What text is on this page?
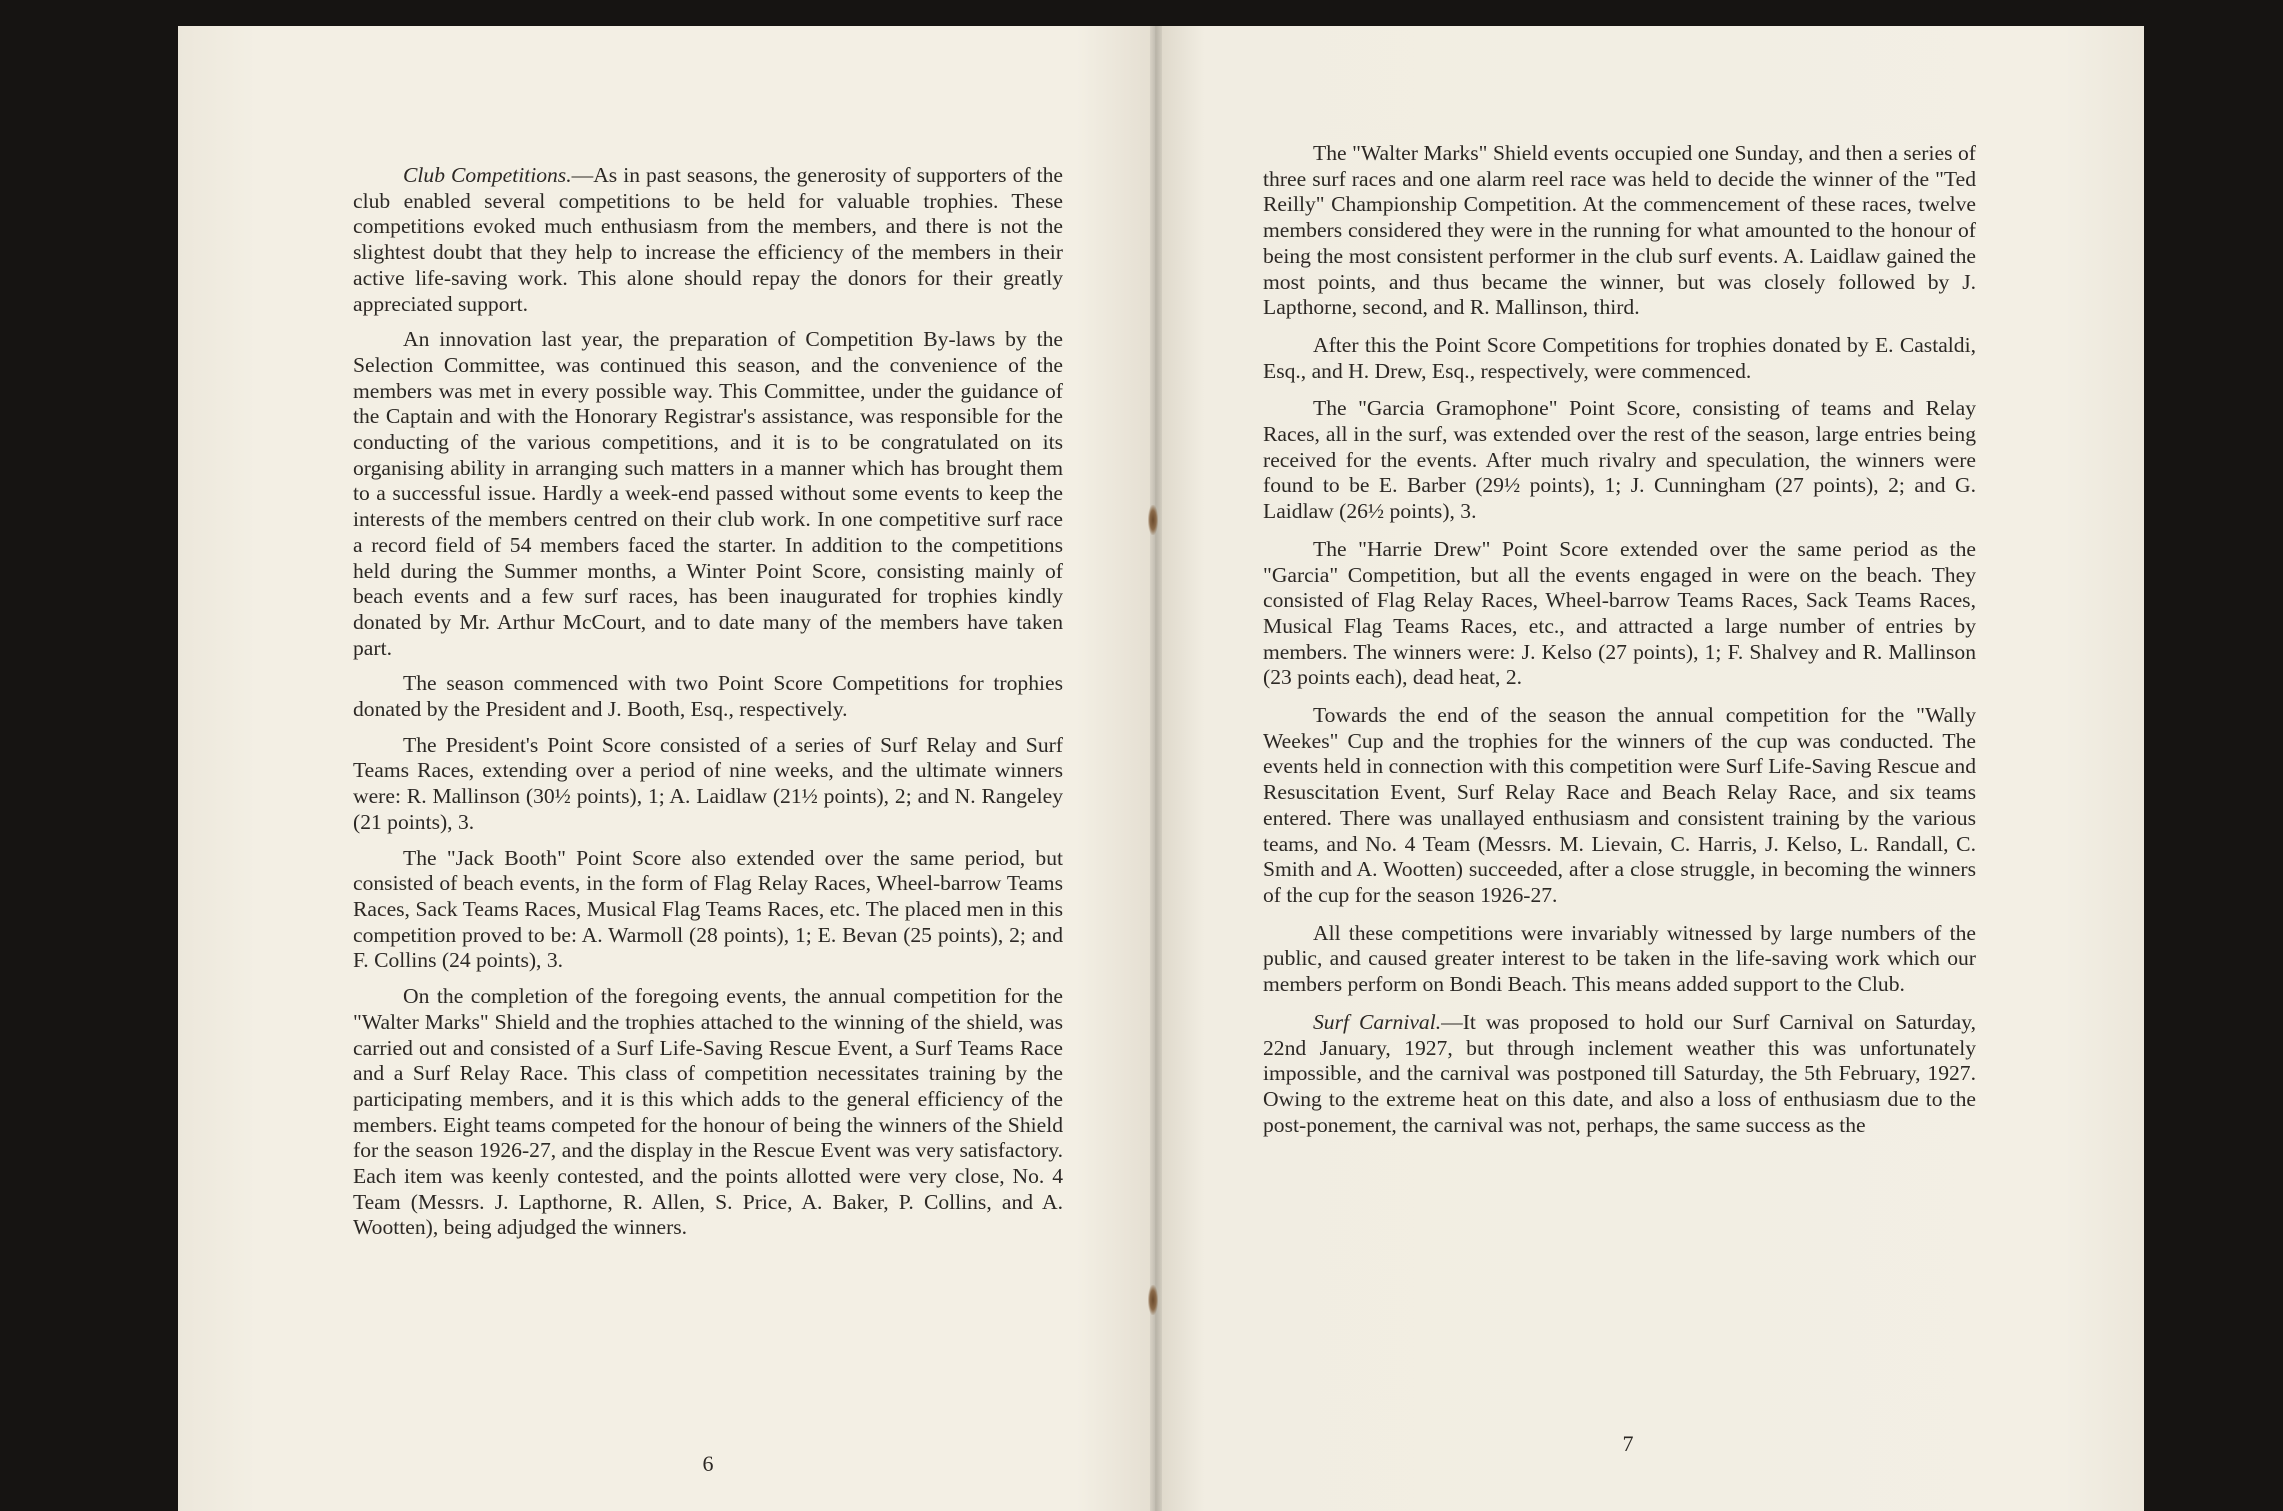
Club Competitions.—As in past seasons, the generosity of supporters of the club enabled several competitions to be held for valuable trophies. These competitions evoked much enthusiasm from the members, and there is not the slightest doubt that they help to increase the efficiency of the members in their active life-saving work. This alone should repay the donors for their greatly appreciated support.

An innovation last year, the preparation of Competition By-laws by the Selection Committee, was continued this season, and the convenience of the members was met in every possible way. This Committee, under the guidance of the Captain and with the Honorary Registrar's assistance, was responsible for the conducting of the various competitions, and it is to be congratulated on its organising ability in arranging such matters in a manner which has brought them to a successful issue. Hardly a week-end passed without some events to keep the interests of the members centred on their club work. In one competitive surf race a record field of 54 members faced the starter. In addition to the competitions held during the Summer months, a Winter Point Score, consisting mainly of beach events and a few surf races, has been inaugurated for trophies kindly donated by Mr. Arthur McCourt, and to date many of the members have taken part.

The season commenced with two Point Score Competitions for trophies donated by the President and J. Booth, Esq., respectively.

The President's Point Score consisted of a series of Surf Relay and Surf Teams Races, extending over a period of nine weeks, and the ultimate winners were: R. Mallinson (30½ points), 1; A. Laidlaw (21½ points), 2; and N. Rangeley (21 points), 3.

The "Jack Booth" Point Score also extended over the same period, but consisted of beach events, in the form of Flag Relay Races, Wheel-barrow Teams Races, Sack Teams Races, Musical Flag Teams Races, etc. The placed men in this competition proved to be: A. Warmoll (28 points), 1; E. Bevan (25 points), 2; and F. Collins (24 points), 3.

On the completion of the foregoing events, the annual competition for the "Walter Marks" Shield and the trophies attached to the winning of the shield, was carried out and consisted of a Surf Life-Saving Rescue Event, a Surf Teams Race and a Surf Relay Race. This class of competition necessitates training by the participating members, and it is this which adds to the general efficiency of the members. Eight teams competed for the honour of being the winners of the Shield for the season 1926-27, and the display in the Rescue Event was very satisfactory. Each item was keenly contested, and the points allotted were very close, No. 4 Team (Messrs. J. Lapthorne, R. Allen, S. Price, A. Baker, P. Collins, and A. Wootten), being adjudged the winners.

6

The "Walter Marks" Shield events occupied one Sunday, and then a series of three surf races and one alarm reel race was held to decide the winner of the "Ted Reilly" Championship Competition. At the commencement of these races, twelve members considered they were in the running for what amounted to the honour of being the most consistent performer in the club surf events. A. Laidlaw gained the most points, and thus became the winner, but was closely followed by J. Lapthorne, second, and R. Mallinson, third.

After this the Point Score Competitions for trophies donated by E. Castaldi, Esq., and H. Drew, Esq., respectively, were commenced.

The "Garcia Gramophone" Point Score, consisting of teams and Relay Races, all in the surf, was extended over the rest of the season, large entries being received for the events. After much rivalry and speculation, the winners were found to be E. Barber (29½ points), 1; J. Cunningham (27 points), 2; and G. Laidlaw (26½ points), 3.

The "Harrie Drew" Point Score extended over the same period as the "Garcia" Competition, but all the events engaged in were on the beach. They consisted of Flag Relay Races, Wheel-barrow Teams Races, Sack Teams Races, Musical Flag Teams Races, etc., and attracted a large number of entries by members. The winners were: J. Kelso (27 points), 1; F. Shalvey and R. Mallinson (23 points each), dead heat, 2.

Towards the end of the season the annual competition for the "Wally Weekes" Cup and the trophies for the winners of the cup was conducted. The events held in connection with this competition were Surf Life-Saving Rescue and Resuscitation Event, Surf Relay Race and Beach Relay Race, and six teams entered. There was unallayed enthusiasm and consistent training by the various teams, and No. 4 Team (Messrs. M. Lievain, C. Harris, J. Kelso, L. Randall, C. Smith and A. Wootten) succeeded, after a close struggle, in becoming the winners of the cup for the season 1926-27.

All these competitions were invariably witnessed by large numbers of the public, and caused greater interest to be taken in the life-saving work which our members perform on Bondi Beach. This means added support to the Club.

Surf Carnival.—It was proposed to hold our Surf Carnival on Saturday, 22nd January, 1927, but through inclement weather this was unfortunately impossible, and the carnival was postponed till Saturday, the 5th February, 1927. Owing to the extreme heat on this date, and also a loss of enthusiasm due to the post-ponement, the carnival was not, perhaps, the same success as the

7
